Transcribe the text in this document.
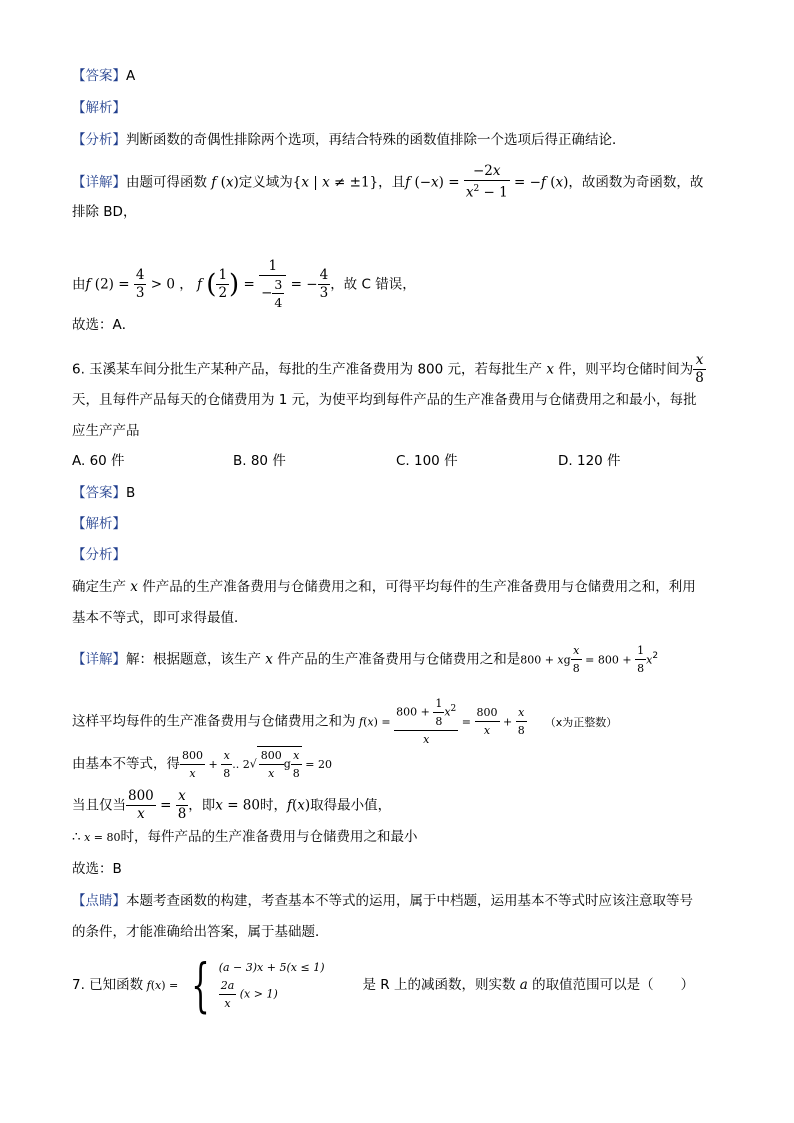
【答案】A
【解析】
【分析】判断函数的奇偶性排除两个选项，再结合特殊的函数值排除一个选项后得正确结论．
【详解】由题可得函数 f (x)定义域为{x | x ≠ ±1}，且f $(-x) = \frac{-2x}{x^2 - 1} = -f$ (x)，故函数为奇函数，故
排除 BD，
由f $(2) = \frac{4}{3} > 0$ ， f ( $\frac{1}{2}$ ) = $\frac{1}{- \frac{3}{4}}$ = − $\frac{4}{3}$ ，故 C 错误，
故选：A．
6. 玉溪某车间分批生产某种产品，每批的生产准备费用为 800 元，若每批生产 x 件，则平均仓储时间为 $\frac{x}{8}$
天，且每件产品每天的仓储费用为 1 元，为使平均到每件产品的生产准备费用与仓储费用之和最小，每批
应生产产品
A. 60 件	B. 80 件	C. 100 件	D. 120 件
【答案】B
【解析】
【分析】
确定生产 x 件产品的生产准备费用与仓储费用之和，可得平均每件的生产准备费用与仓储费用之和，利用
基本不等式，即可求得最值．
【详解】解：根据题意，该生产 x 件产品的生产准备费用与仓储费用之和是800 + xg $\frac{x}{8} = 800 + \frac{1}{8} x^2$
这样平均每件的生产准备费用与仓储费用之和为 $f(x) = \frac{800 + \frac{1}{8} x^2}{x} = \frac{800}{x} + \frac{x}{8} (x$为正整数）
由基本不等式，得 $\frac{800}{x} + \frac{x}{8}$ .. $2√ \frac{800}{x}$ g $\frac{x}{8} = 20$
当且仅当 $\frac{800}{x} = \frac{x}{8}$ ，即x = 80时，f(x)取得最小值，
∴ x = 80时，每件产品的生产准备费用与仓储费用之和最小
故选：B
【点睛】本题考查函数的构建，考查基本不等式的运用，属于中档题，运用基本不等式时应该注意取等号
的条件，才能准确给出答案，属于基础题．
7. 已知函数 f(x) = { (a − 3)x + 5(x ≤ 1)
$\frac{2a}{x} (x > 1)$
是 R 上的减函数，则实数 a 的取值范围可以是（　　）
